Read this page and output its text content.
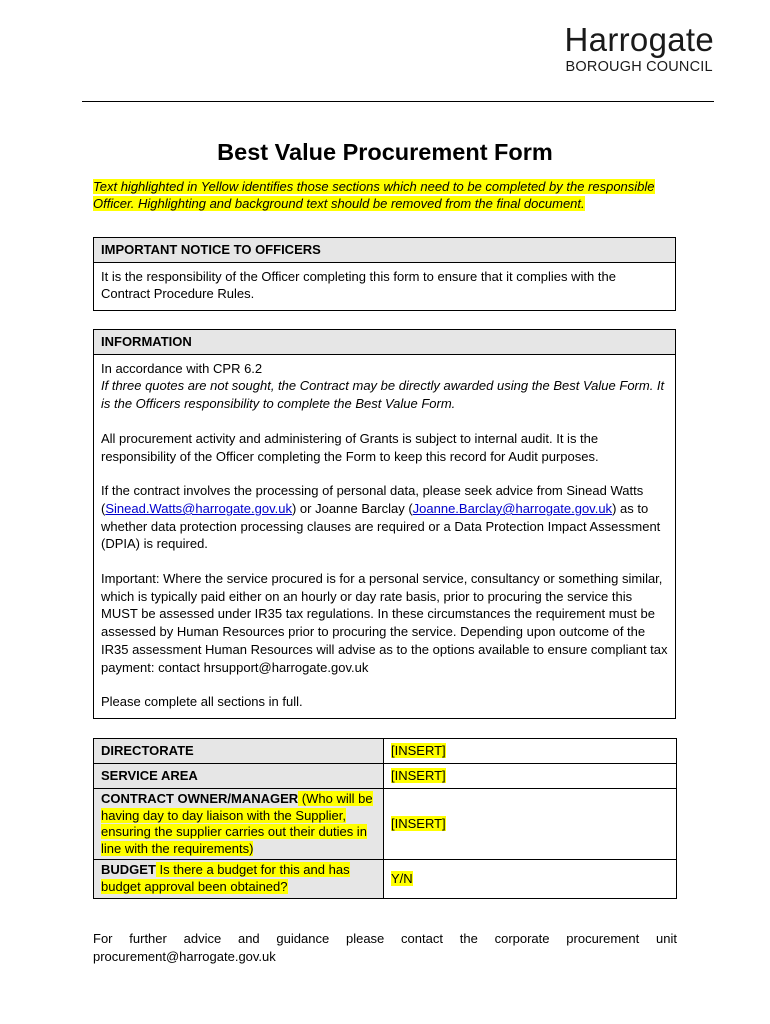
Harrogate
BOROUGH COUNCIL
Best Value Procurement Form
Text highlighted in Yellow identifies those sections which need to be completed by the responsible Officer. Highlighting and background text should be removed from the final document.
IMPORTANT NOTICE TO OFFICERS

It is the responsibility of the Officer completing this form to ensure that it complies with the Contract Procedure Rules.

INFORMATION

In accordance with CPR 6.2
If three quotes are not sought, the Contract may be directly awarded using the Best Value Form. It is the Officers responsibility to complete the Best Value Form.

All procurement activity and administering of Grants is subject to internal audit. It is the responsibility of the Officer completing the Form to keep this record for Audit purposes.

If the contract involves the processing of personal data, please seek advice from Sinead Watts (Sinead.Watts@harrogate.gov.uk) or Joanne Barclay (Joanne.Barclay@harrogate.gov.uk) as to whether data protection processing clauses are required or a Data Protection Impact Assessment (DPIA) is required.

Important: Where the service procured is for a personal service, consultancy or something similar, which is typically paid either on an hourly or day rate basis, prior to procuring the service this MUST be assessed under IR35 tax regulations. In these circumstances the requirement must be assessed by Human Resources prior to procuring the service. Depending upon outcome of the IR35 assessment Human Resources will advise as to the options available to ensure compliant tax payment: contact hrsupport@harrogate.gov.uk

Please complete all sections in full.

DIRECTORATE	[INSERT]
SERVICE AREA	[INSERT]
CONTRACT OWNER/MANAGER (Who will be having day to day liaison with the Supplier, ensuring the supplier carries out their duties in line with the requirements)	[INSERT]
BUDGET Is there a budget for this and has budget approval been obtained?	Y/N
For further advice and guidance please contact the corporate procurement unit procurement@harrogate.gov.uk
